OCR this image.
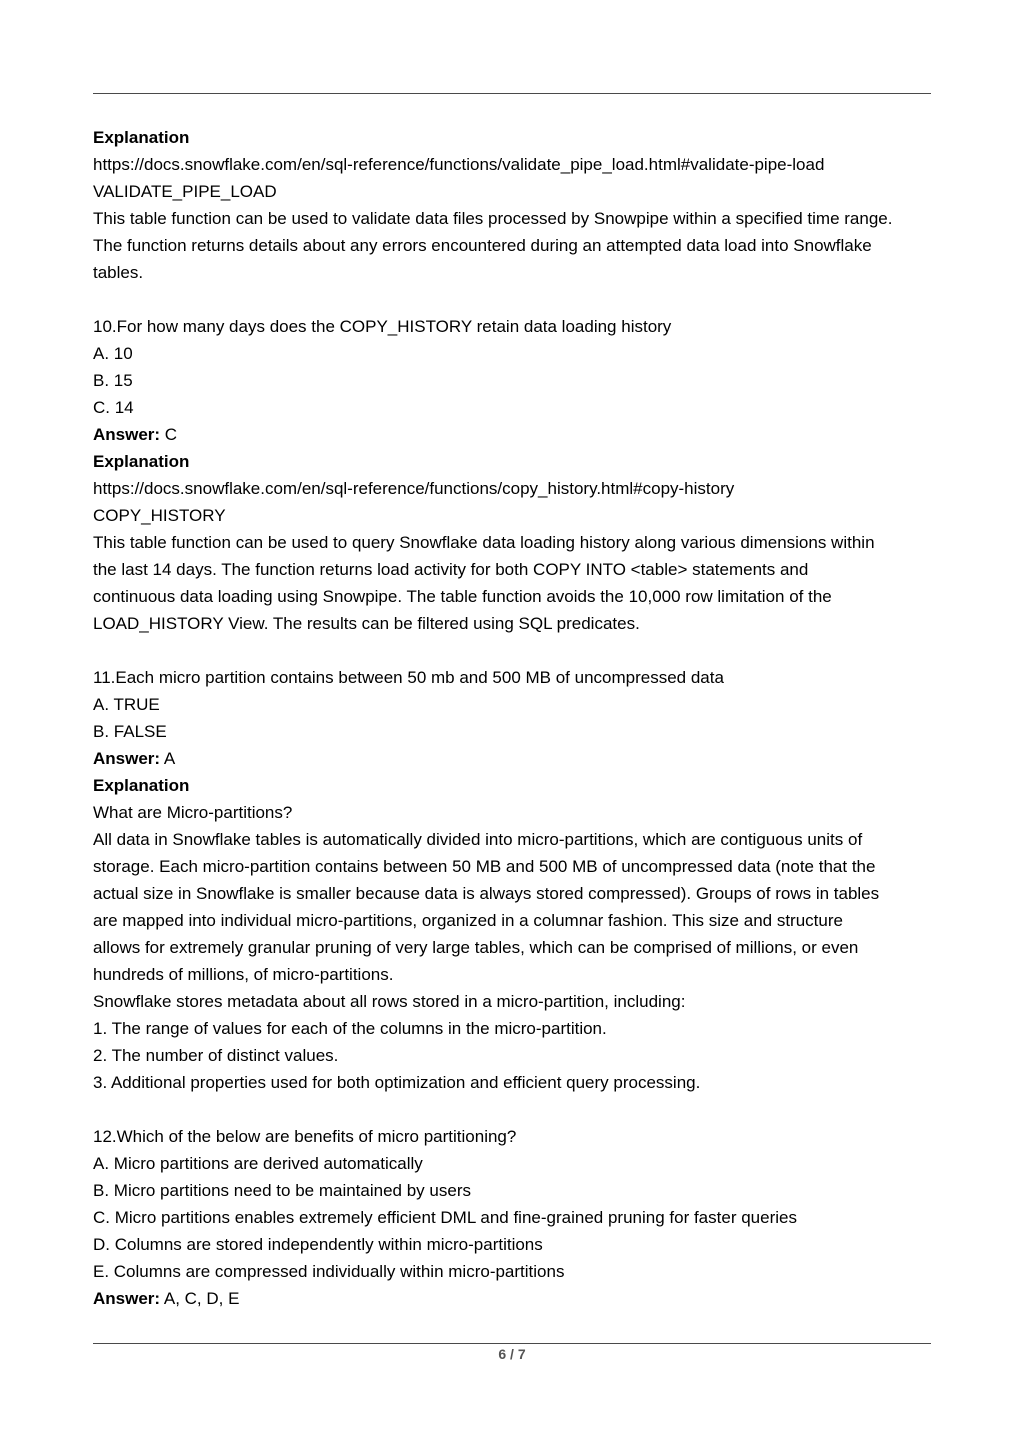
Explanation

https://docs.snowflake.com/en/sql-reference/functions/validate_pipe_load.html#validate-pipe-load

VALIDATE_PIPE_LOAD

This table function can be used to validate data files processed by Snowpipe within a specified time range.

The function returns details about any errors encountered during an attempted data load into Snowflake

tables.

10.For how many days does the COPY_HISTORY retain data loading history

A. 10

B. 15

C. 14

Answer: C

Explanation

https://docs.snowflake.com/en/sql-reference/functions/copy_history.html#copy-history

COPY_HISTORY

This table function can be used to query Snowflake data loading history along various dimensions within

the last 14 days. The function returns load activity for both COPY INTO <table> statements and

continuous data loading using Snowpipe. The table function avoids the 10,000 row limitation of the

LOAD_HISTORY View. The results can be filtered using SQL predicates.

11.Each micro partition contains between 50 mb and 500 MB of uncompressed data

A. TRUE

B. FALSE

Answer: A

Explanation

What are Micro-partitions?

All data in Snowflake tables is automatically divided into micro-partitions, which are contiguous units of

storage. Each micro-partition contains between 50 MB and 500 MB of uncompressed data (note that the

actual size in Snowflake is smaller because data is always stored compressed). Groups of rows in tables

are mapped into individual micro-partitions, organized in a columnar fashion. This size and structure

allows for extremely granular pruning of very large tables, which can be comprised of millions, or even

hundreds of millions, of micro-partitions.

Snowflake stores metadata about all rows stored in a micro-partition, including:

1. The range of values for each of the columns in the micro-partition.

2. The number of distinct values.

3. Additional properties used for both optimization and efficient query processing.

12.Which of the below are benefits of micro partitioning?

A. Micro partitions are derived automatically

B. Micro partitions need to be maintained by users

C. Micro partitions enables extremely efficient DML and fine-grained pruning for faster queries

D. Columns are stored independently within micro-partitions

E. Columns are compressed individually within micro-partitions

Answer: A, C, D, E

6 / 7
